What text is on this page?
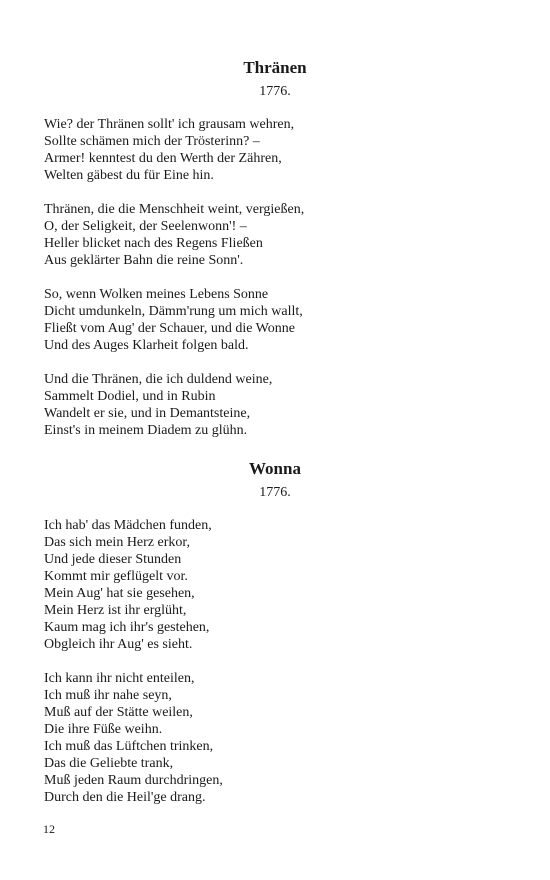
Thränen
1776.
Wie? der Thränen sollt' ich grausam wehren,
Sollte schämen mich der Trösterinn? –
Armer! kenntest du den Werth der Zähren,
Welten gäbest du für Eine hin.
Thränen, die die Menschheit weint, vergießen,
O, der Seligkeit, der Seelenwonn'! –
Heller blicket nach des Regens Fließen
Aus geklärter Bahn die reine Sonn'.
So, wenn Wolken meines Lebens Sonne
Dicht umdunkeln, Dämm'rung um mich wallt,
Fließt vom Aug' der Schauer, und die Wonne
Und des Auges Klarheit folgen bald.
Und die Thränen, die ich duldend weine,
Sammelt Dodiel, und in Rubin
Wandelt er sie, und in Demantsteine,
Einst's in meinem Diadem zu glühn.
Wonna
1776.
Ich hab' das Mädchen funden,
Das sich mein Herz erkor,
Und jede dieser Stunden
Kommt mir geflügelt vor.
Mein Aug' hat sie gesehen,
Mein Herz ist ihr erglüht,
Kaum mag ich ihr's gestehen,
Obgleich ihr Aug' es sieht.
Ich kann ihr nicht enteilen,
Ich muß ihr nahe seyn,
Muß auf der Stätte weilen,
Die ihre Füße weihn.
Ich muß das Lüftchen trinken,
Das die Geliebte trank,
Muß jeden Raum durchdringen,
Durch den die Heil'ge drang.
12
